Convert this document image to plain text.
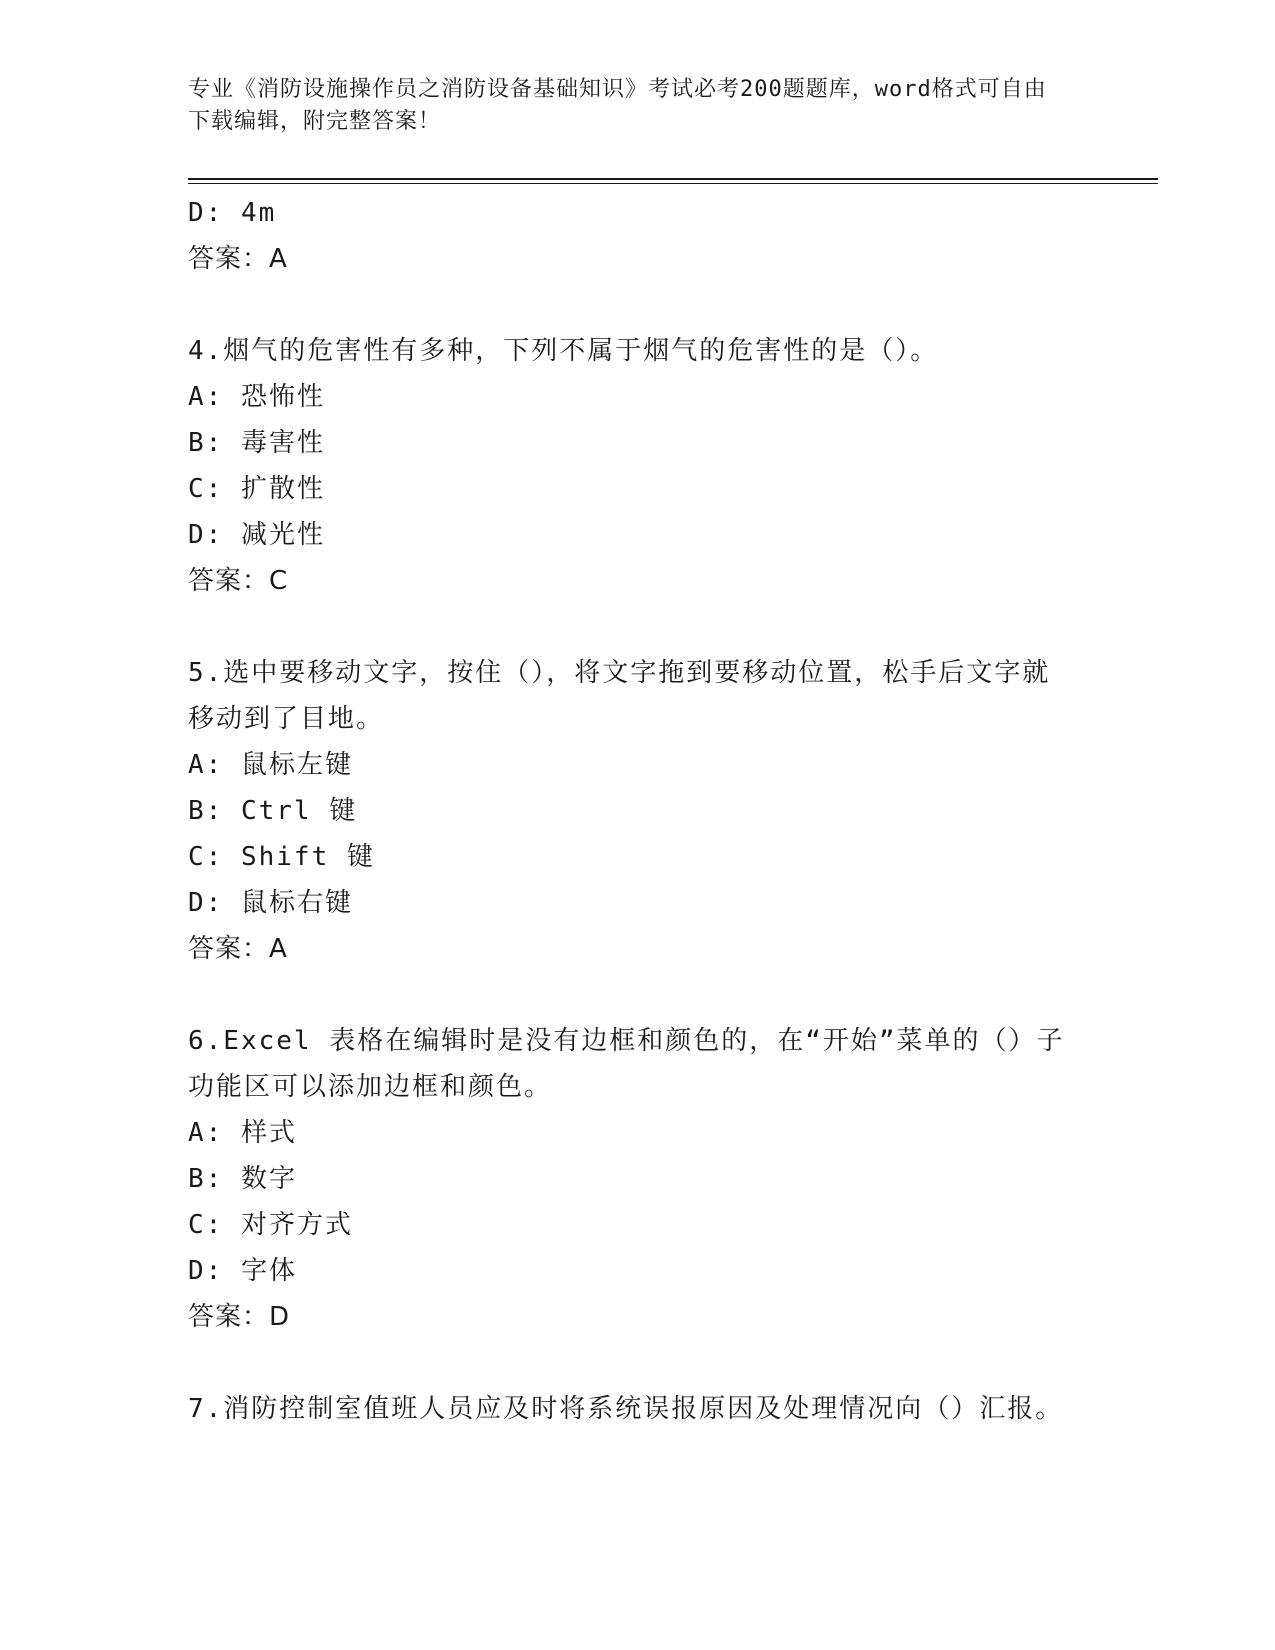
专业《消防设施操作员之消防设备基础知识》考试必考200题题库，word格式可自由下载编辑，附完整答案！
D: 4m
答案：A
4.烟气的危害性有多种，下列不属于烟气的危害性的是（）。
A: 恐怖性
B: 毒害性
C: 扩散性
D: 减光性
答案：C
5.选中要移动文字，按住（），将文字拖到要移动位置，松手后文字就移动到了目地。
A: 鼠标左键
B: Ctrl 键
C: Shift 键
D: 鼠标右键
答案：A
6.Excel 表格在编辑时是没有边框和颜色的，在“开始”菜单的（）子功能区可以添加边框和颜色。
A: 样式
B: 数字
C: 对齐方式
D: 字体
答案：D
7.消防控制室值班人员应及时将系统误报原因及处理情况向（）汇报。
